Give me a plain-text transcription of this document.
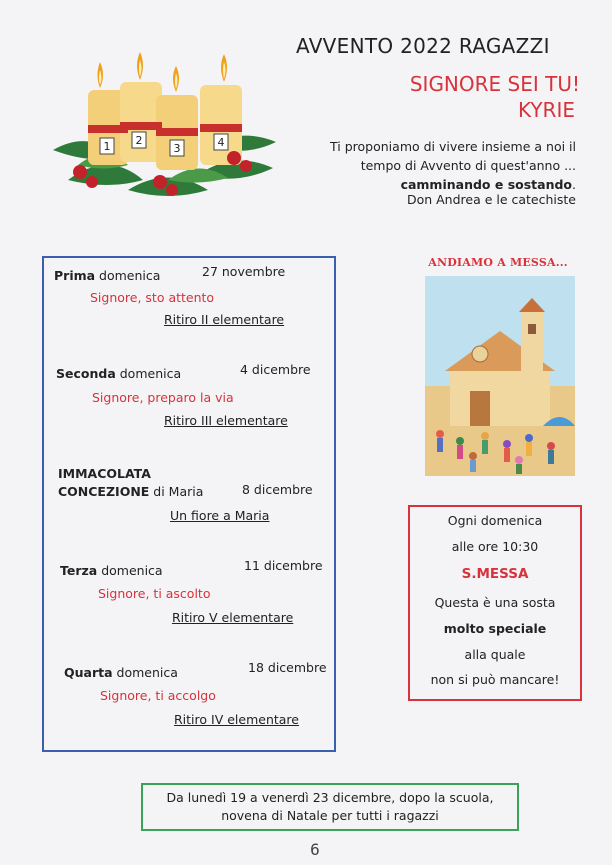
AVVENTO 2022 RAGAZZI
SIGNORE SEI TU!
KYRIE
Ti proponiamo di vivere insieme a noi il
tempo di Avvento di quest'anno ...
camminando e sostando.
Don Andrea e le catechiste
1 2
3	4
Prima domenica	27 novembre
Signore, sto attento
Ritiro II elementare
Seconda domenica	4 dicembre
Signore, preparo la via
Ritiro III elementare
IMMACOLATA
CONCEZIONE di Maria	8 dicembre
Un fiore a Maria
Terza domenica	11 dicembre
Signore, ti ascolto
Ritiro V elementare
Quarta domenica	18 dicembre
Signore, ti accolgo
Ritiro IV elementare
ANDIAMO A MESSA...
Ogni domenica
alle ore 10:30
S.MESSA
Questa è una sosta
molto speciale
alla quale
non si può mancare!
Da lunedì 19 a venerdì 23 dicembre, dopo la scuola,
novena di Natale per tutti i ragazzi
6
